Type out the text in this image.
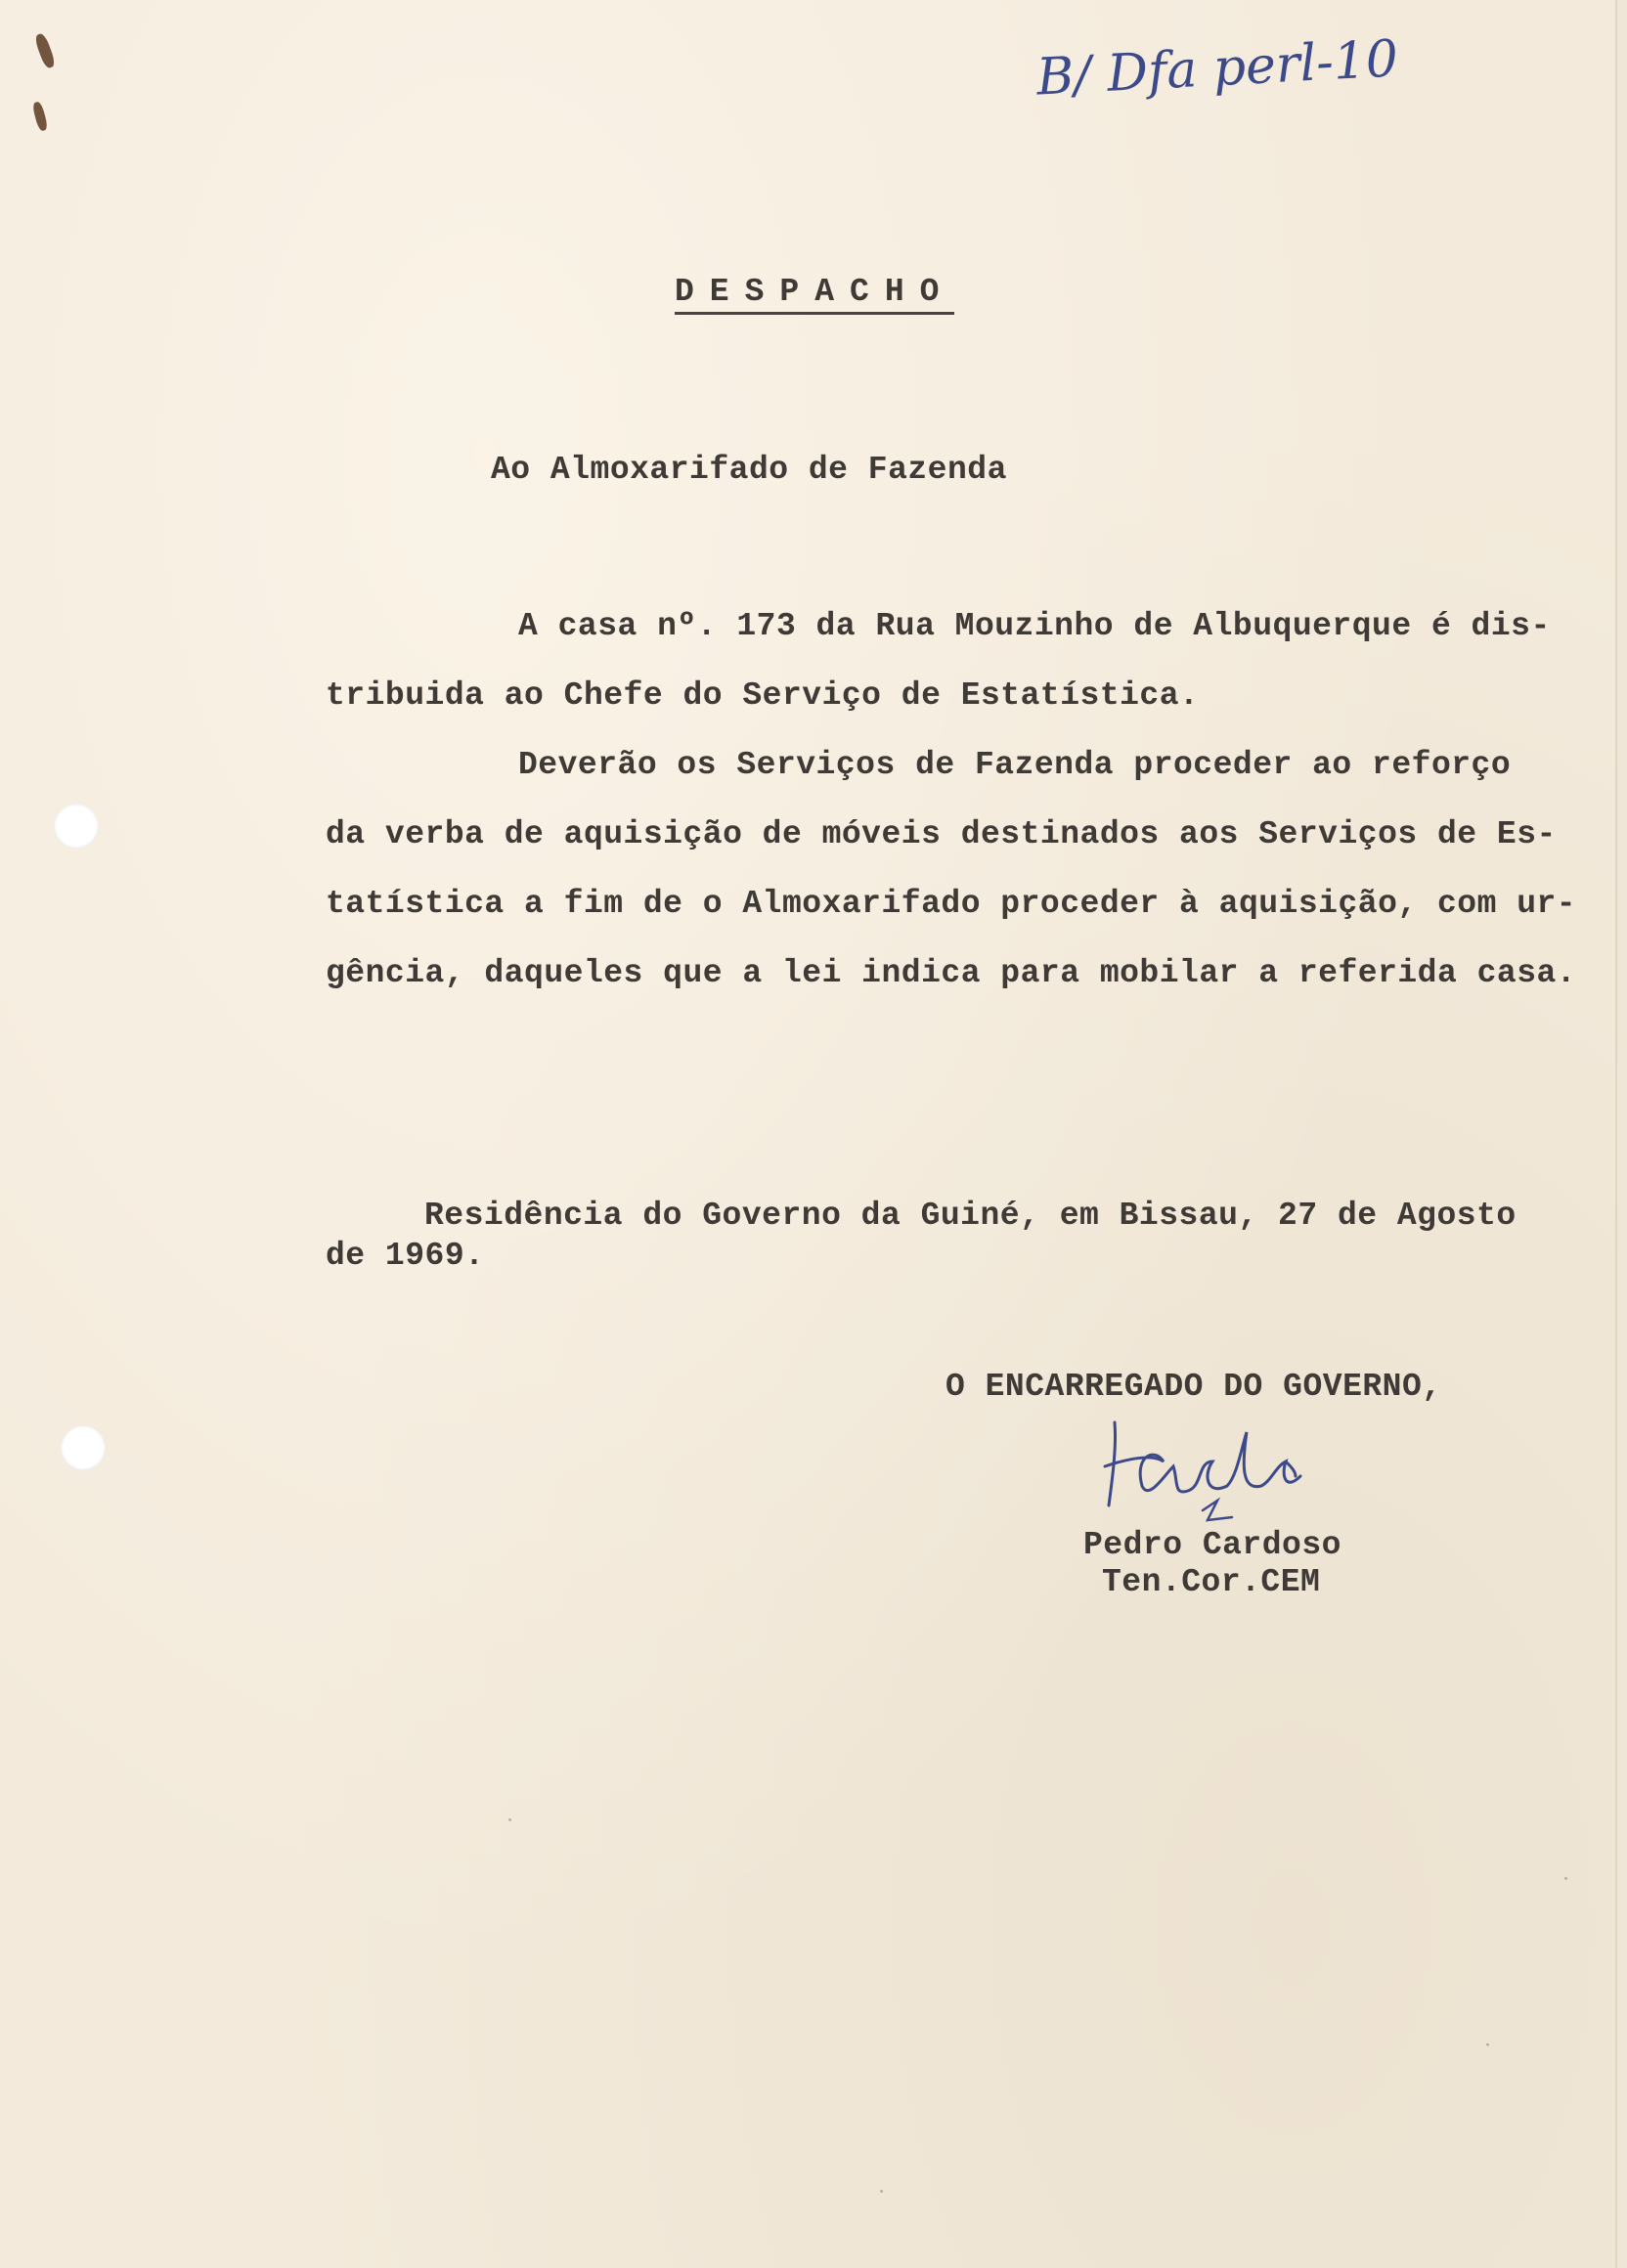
B/ Dfa perl-10
DESPACHO
Ao Almoxarifado de Fazenda
A casa nº. 173 da Rua Mouzinho de Albuquerque é dis-
tribuida ao Chefe do Serviço de Estatística.
Deverão os Serviços de Fazenda proceder ao reforço
da verba de aquisição de móveis destinados aos Serviços de Es-
tatística a fim de o Almoxarifado proceder à aquisição, com ur-
gência, daqueles que a lei indica para mobilar a referida casa.
Residência do Governo da Guiné, em Bissau, 27 de Agosto
de 1969.
O ENCARREGADO DO GOVERNO,
Pedro Cardoso
Ten.Cor.CEM
